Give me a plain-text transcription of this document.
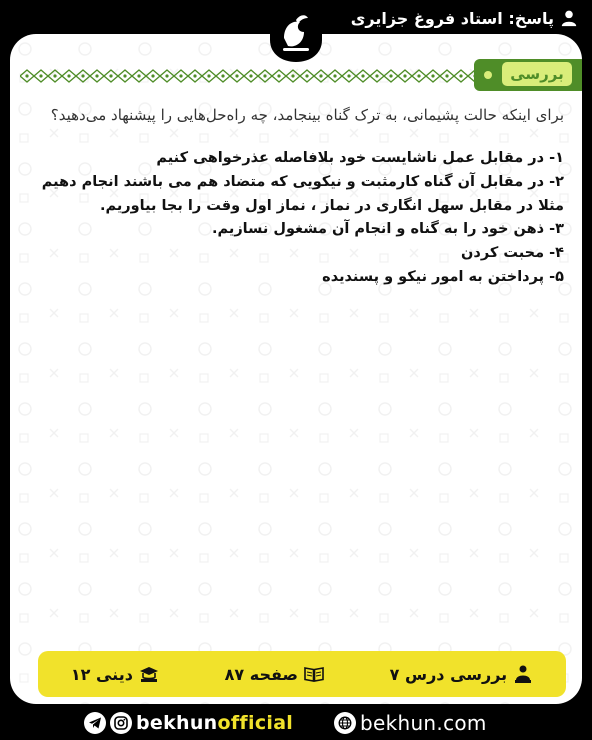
پاسخ: استاد فروغ جزایری
بررسی
برای اینکه حالت پشیمانی، به ترک گناه بینجامد، چه راه‌حل‌هایی را پیشنهاد می‌دهید؟
۱- در مقابل عمل ناشایست خود بلافاصله عذرخواهی کنیم
۲- در مقابل آن گناه کارمثبت و نیکویی که متضاد هم می باشند انجام دهیم
مثلا در مقابل سهل انگاری در نماز ، نماز اول وقت را بجا بیاوریم.
۳- ذهن خود را به گناه و انجام آن مشغول نسازیم.
۴- محبت کردن
۵- پرداختن به امور نیکو و پسندیده
بررسی درس ۷
صفحه ۸۷
دینی ۱۲
bekhunofficial	bekhun.com
